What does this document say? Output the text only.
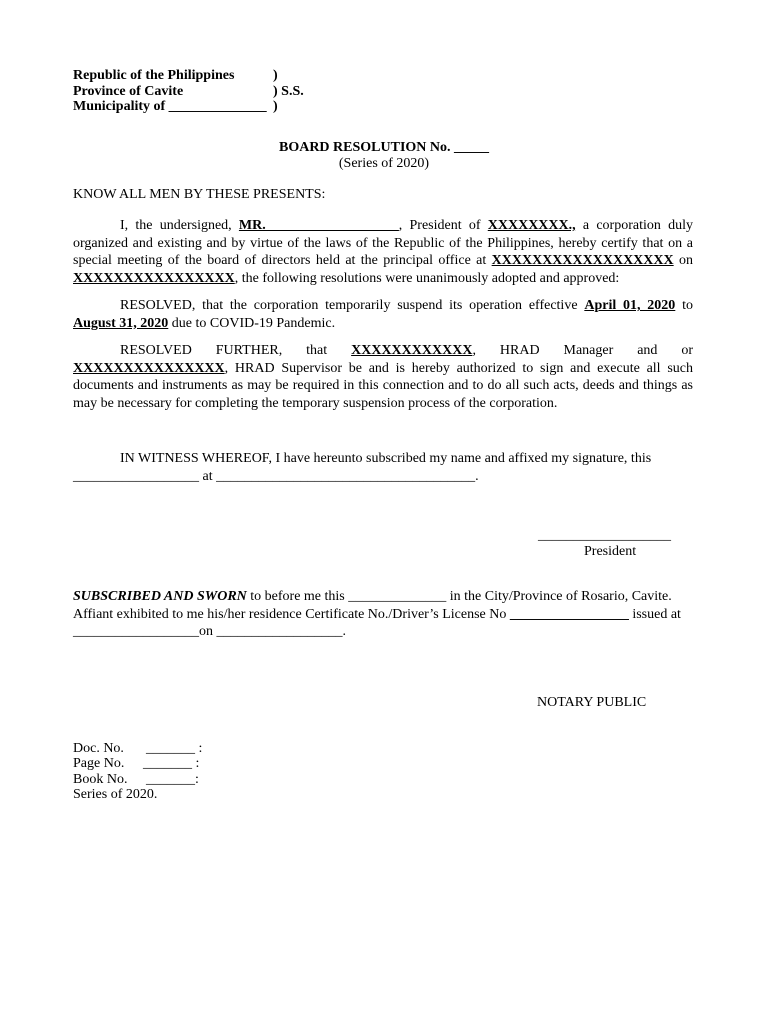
Republic of the Philippines	)
Province of Cavite	) S.S.
Municipality of ______________ )
BOARD RESOLUTION No. _____
(Series of 2020)
KNOW ALL MEN BY THESE PRESENTS:
I, the undersigned, MR.___________________, President of XXXXXXXX., a corporation duly organized and existing and by virtue of the laws of the Republic of the Philippines, hereby certify that on a special meeting of the board of directors held at the principal office at XXXXXXXXXXXXXXXXXX on XXXXXXXXXXXXXXXX, the following resolutions were unanimously adopted and approved:
RESOLVED, that the corporation temporarily suspend its operation effective April 01, 2020 to August 31, 2020 due to COVID-19 Pandemic.
RESOLVED FURTHER, that XXXXXXXXXXXX, HRAD Manager and or XXXXXXXXXXXXXXX, HRAD Supervisor be and is hereby authorized to sign and execute all such documents and instruments as may be required in this connection and to do all such acts, deeds and things as may be necessary for completing the temporary suspension process of the corporation.
IN WITNESS WHEREOF, I have hereunto subscribed my name and affixed my signature, this __________________ at _____________________________________.
___________________
President
SUBSCRIBED AND SWORN to before me this ______________ in the City/Province of Rosario, Cavite. Affiant exhibited to me his/her residence Certificate No./Driver’s License No _________________ issued at __________________on __________________.
NOTARY PUBLIC
Doc. No. _______ :
Page No. _______ :
Book No. _______:
Series of 2020.
